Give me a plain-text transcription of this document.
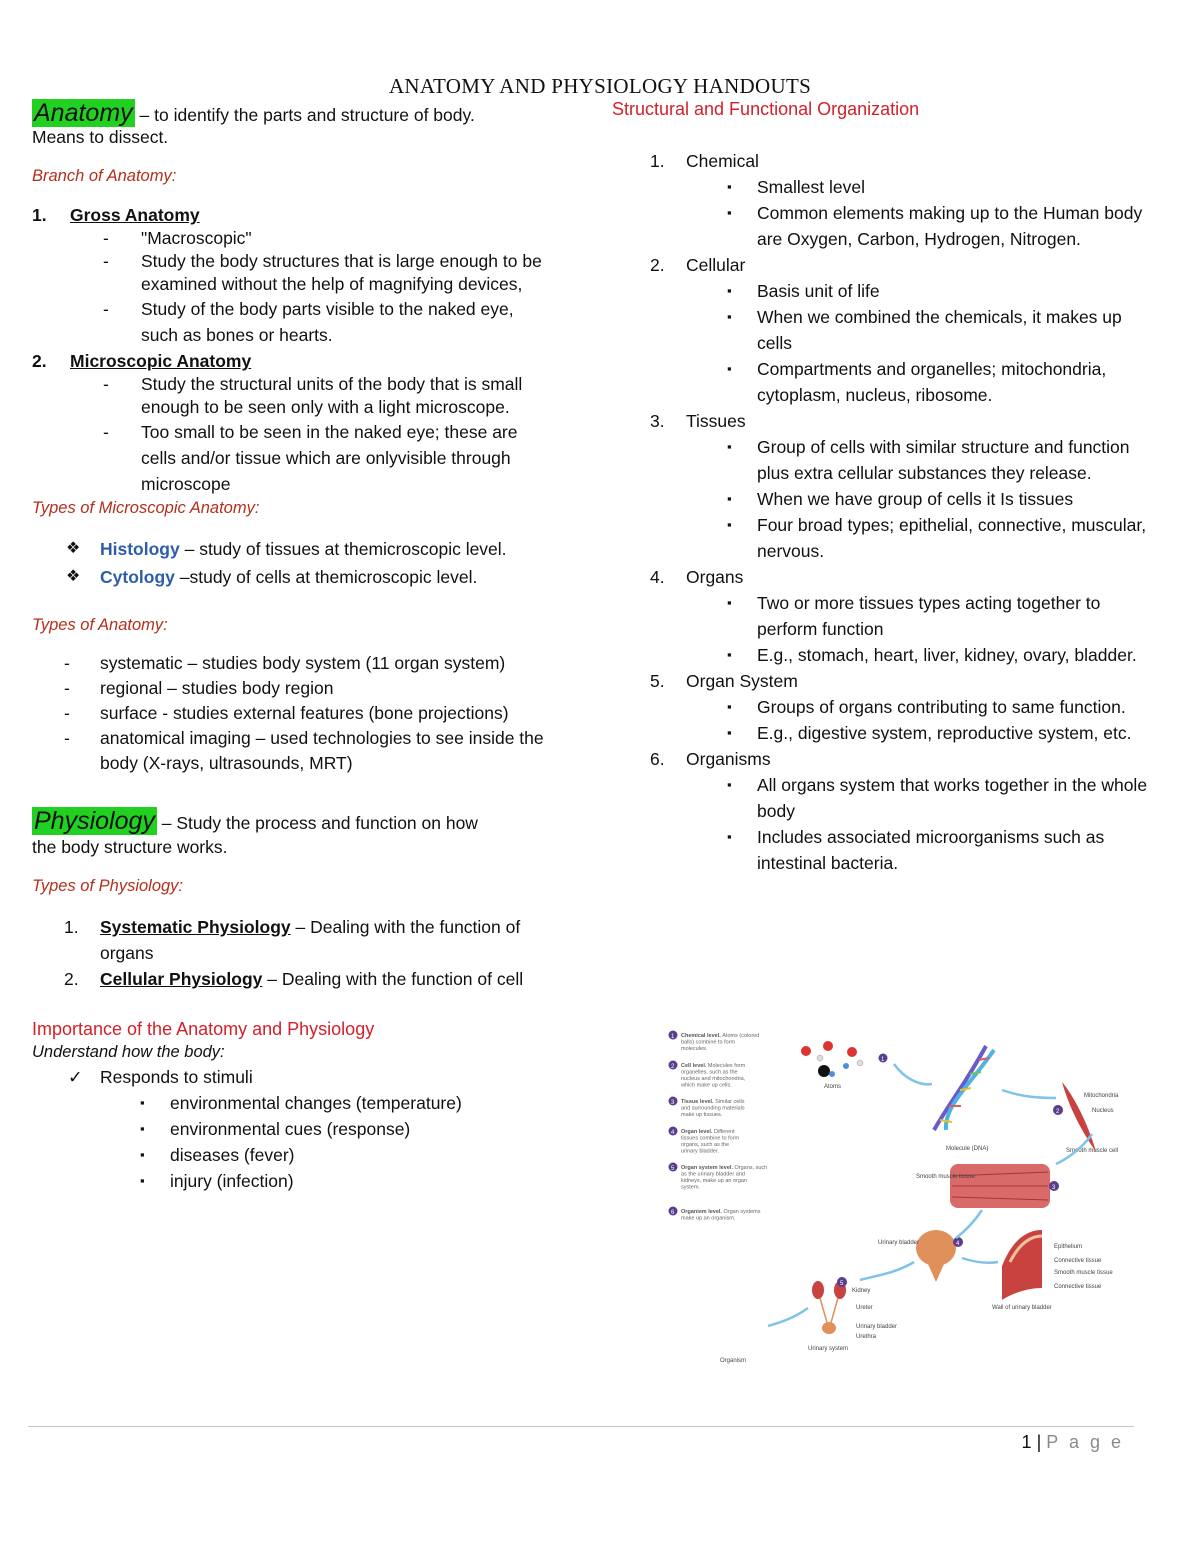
ANATOMY AND PHYSIOLOGY HANDOUTS
Anatomy – to identify the parts and structure of body.
Means to dissect.
Branch of Anatomy:
1. Gross Anatomy
- "Macroscopic"
- Study the body structures that is large enough to be examined without the help of magnifying devices,
- Study of the body parts visible to the naked eye, such as bones or hearts.
2. Microscopic Anatomy
- Study the structural units of the body that is small enough to be seen only with a light microscope.
- Too small to be seen in the naked eye; these are cells and/or tissue which are onlyvisible through microscope
Types of Microscopic Anatomy:
❖ Histology – study of tissues at themicroscopic level.
❖ Cytology –study of cells at themicroscopic level.
Types of Anatomy:
- systematic – studies body system (11 organ system)
- regional – studies body region
- surface - studies external features (bone projections)
- anatomical imaging – used technologies to see inside the body (X-rays, ultrasounds, MRT)
Physiology – Study the process and function on how
the body structure works.
Types of Physiology:
1. Systematic Physiology – Dealing with the function of organs
2. Cellular Physiology – Dealing with the function of cell
Importance of the Anatomy and Physiology
Understand how the body:
✓ Responds to stimuli
▪ environmental changes (temperature)
▪ environmental cues (response)
▪ diseases (fever)
▪ injury (infection)
Structural and Functional Organization
1. Chemical
▪ Smallest level
▪ Common elements making up to the Human body are Oxygen, Carbon, Hydrogen, Nitrogen.
2. Cellular
▪ Basis unit of life
▪ When we combined the chemicals, it makes up cells
▪ Compartments and organelles; mitochondria, cytoplasm, nucleus, ribosome.
3. Tissues
▪ Group of cells with similar structure and function plus extra cellular substances they release.
▪ When we have group of cells it Is tissues
▪ Four broad types; epithelial, connective, muscular, nervous.
4. Organs
▪ Two or more tissues types acting together to perform function
▪ E.g., stomach, heart, liver, kidney, ovary, bladder.
5. Organ System
▪ Groups of organs contributing to same function.
▪ E.g., digestive system, reproductive system, etc.
6. Organisms
▪ All organs system that works together in the whole body
▪ Includes associated microorganisms such as intestinal bacteria.
1 Chemical level. Atoms (colored balls) combine to form molecules.
2 Cell level. Molecules form organelles, such as the nucleus and mitochondria, which make up cells.
3 Tissue level. Similar cells and surrounding materials make up tissues.
4 Organ level. Different tissues combine to form organs, such as the urinary bladder.
5 Organ system level. Organs, such as the urinary bladder and kidneys, make up an organ system.
6 Organism level. Organ systems make up an organism.
Atoms
1
Molecule (DNA)
2
Mitochondria
Nucleus
Smooth muscle cell
3
Smooth muscle tissue
4
Urinary bladder
Epithelium
Connective tissue
Smooth muscle tissue
Connective tissue
Wall of urinary bladder
5
Kidney
Ureter
Urinary bladder
Urethra
Urinary system
Organism
1 | P a g e
